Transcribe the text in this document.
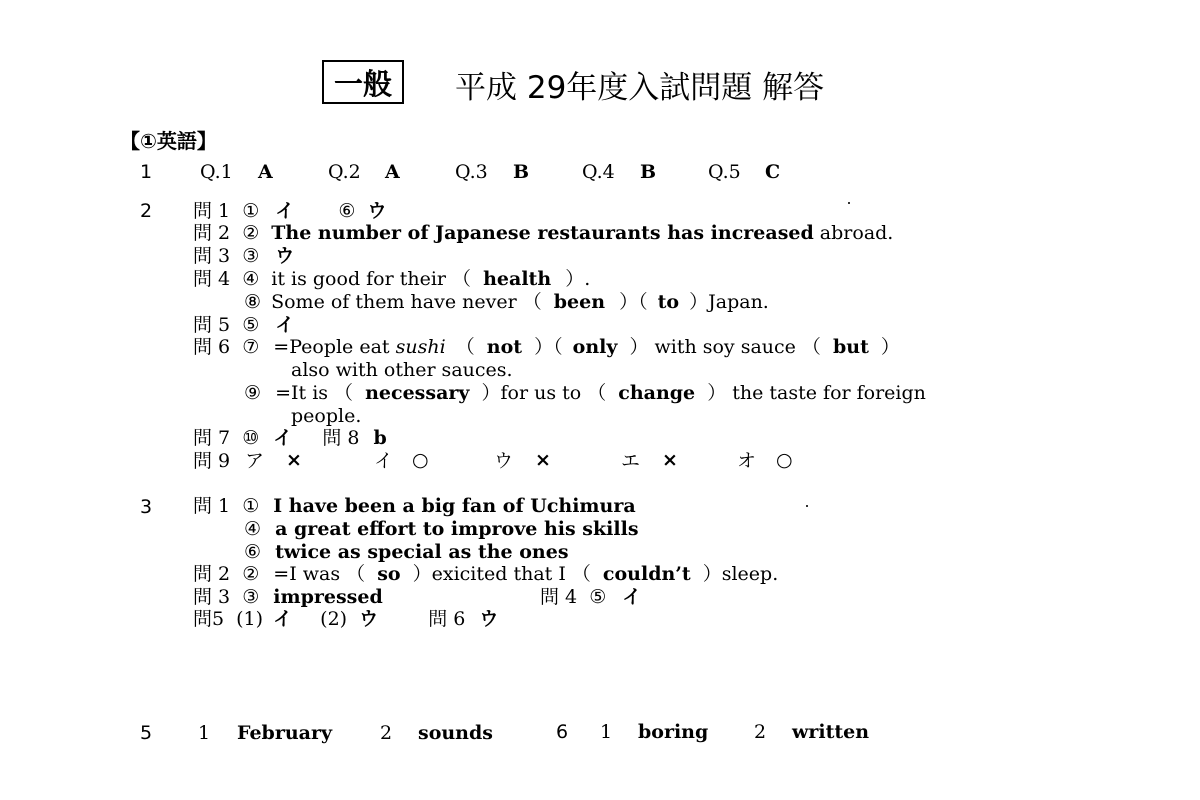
一般	平成 29年度入試問題 解答
【①英語】
1	Q.1 A	Q.2 A	Q.3 B	Q.4 B	Q.5 C
2 問 1 ① イ ⑥ ウ
問 2 ② The number of Japanese restaurants has increased abroad.
問 3 ③ ウ
問 4 ④ it is good for their （ health ）.
⑧ Some of them have never （ been ）（ to ）Japan.
問 5 ⑤ イ
問 6 ⑦ =People eat sushi （ not ）（ only ） with soy sauce （ but ）
also with other sauces.
⑨ =It is （ necessary ）for us to （ change ） the taste for foreign
people.
問 7 ⑩ イ 問 8 b
問 9 ア ×	イ ○	ウ ×	エ ×	オ ○
3 問 1 ① I have been a big fan of Uchimura
④ a great effort to improve his skills
⑥ twice as special as the ones
問 2 ② =I was （ so ）exicited that I （ couldn’t ）sleep.
問 3 ③ impressed	問 4 ⑤ イ
問5 (1) イ (2) ウ	問 6 ウ
5 1 February	2 sounds	6 1 boring 2 written
